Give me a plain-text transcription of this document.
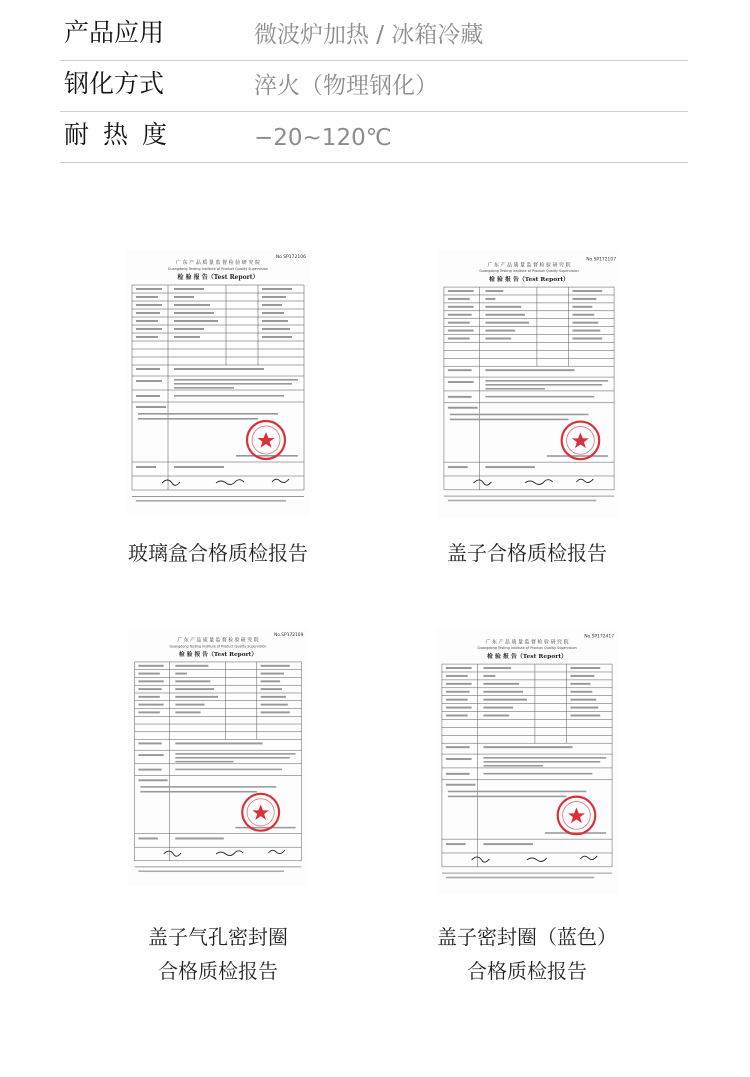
产品应用	微波炉加热 / 冰箱冷藏
钢化方式	淬火（物理钢化）
耐热度	−20~120℃
No.SP172106
广 东 产 品 质 量 监 督 检 验 研 究 院
Guangdong Testing Institute of Product Quality Supervision
检 验 报 告（Test Report）
No.SP172107
广 东 产 品 质 量 监 督 检 验 研 究 院
Guangdong Testing Institute of Product Quality Supervision
检 验 报 告（Test Report）
No.SP172109
广 东 产 品 质 量 监 督 检 验 研 究 院
Guangdong Testing Institute of Product Quality Supervision
检 验 报 告（Test Report）
No.SP172417
广 东 产 品 质 量 监 督 检 验 研 究 院
Guangdong Testing Institute of Product Quality Supervision
检 验 报 告（Test Report）
玻璃盒合格质检报告	盖子合格质检报告
盖子气孔密封圈
合格质检报告
盖子密封圈（蓝色）
合格质检报告
